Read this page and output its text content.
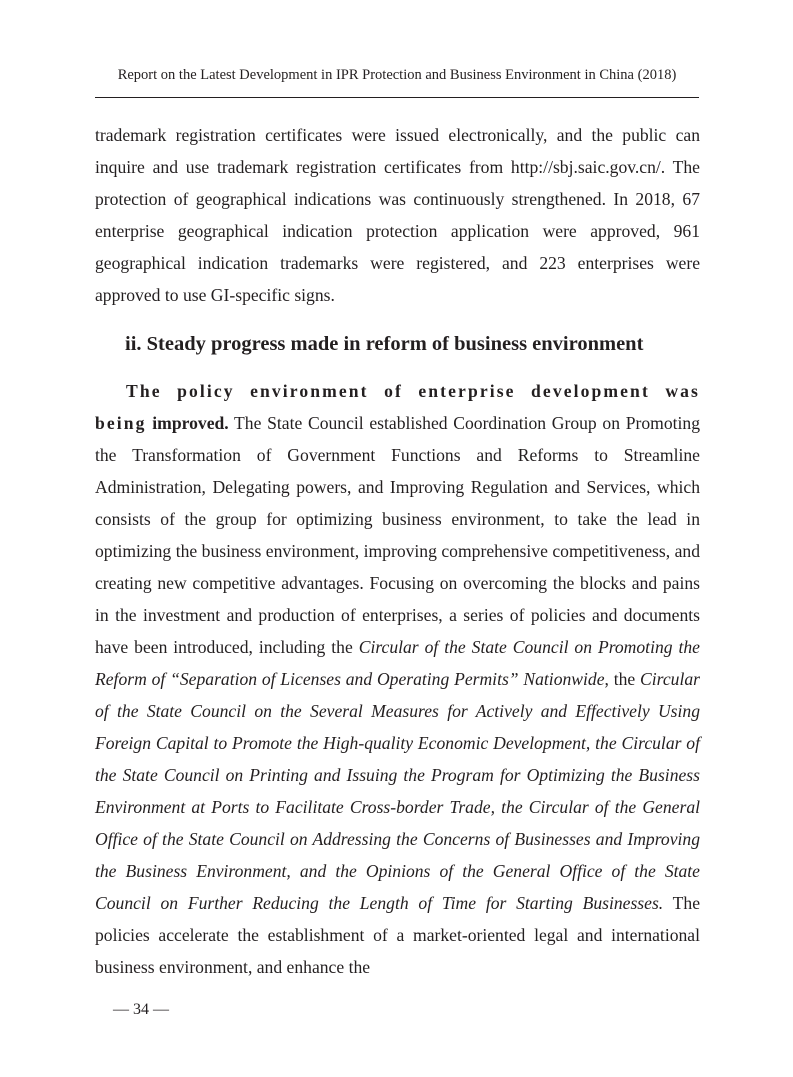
Report on the Latest Development in IPR Protection and Business Environment in China (2018)

trademark registration certificates were issued electronically, and the public can inquire and use trademark registration certificates from http://sbj.saic.gov.cn/. The protection of geographical indications was continuously strengthened. In 2018, 67 enterprise geographical indication protection application were approved, 961 geographical indication trademarks were registered, and 223 enterprises were approved to use GI-specific signs.

ii. Steady progress made in reform of business environment

The policy environment of enterprise development was being improved. The State Council established Coordination Group on Promoting the Transformation of Government Functions and Reforms to Streamline Administration, Delegating powers, and Improving Regulation and Services, which consists of the group for optimizing business environment, to take the lead in optimizing the business environment, improving comprehensive competitiveness, and creating new competitive advantages. Focusing on overcoming the blocks and pains in the investment and production of enterprises, a series of policies and documents have been introduced, including the Circular of the State Council on Promoting the Reform of “Separation of Licenses and Operating Permits” Nationwide, the Circular of the State Council on the Several Measures for Actively and Effectively Using Foreign Capital to Promote the High-quality Economic Development, the Circular of the State Council on Printing and Issuing the Program for Optimizing the Business Environment at Ports to Facilitate Cross-border Trade, the Circular of the General Office of the State Council on Addressing the Concerns of Businesses and Improving the Business Environment, and the Opinions of the General Office of the State Council on Further Reducing the Length of Time for Starting Businesses. The policies accelerate the establishment of a market-oriented legal and international business environment, and enhance the

— 34 —
